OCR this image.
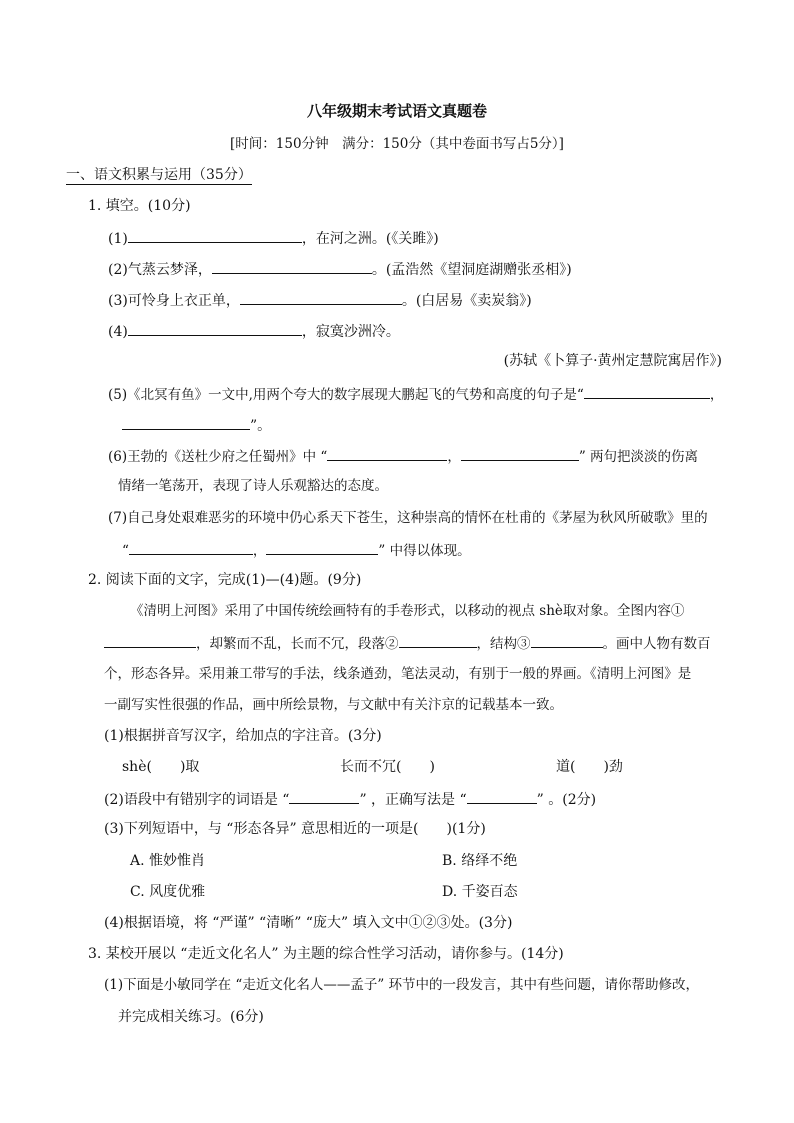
八年级期末考试语文真题卷
[时间：150分钟　满分：150分（其中卷面书写占5分）]
一、语文积累与运用（35分）
1. 填空。(10分)
(1)	，在河之洲。(《关雎》)
(2)气蒸云梦泽，	。(孟浩然《望洞庭湖赠张丞相》)
(3)可怜身上衣正单，	。(白居易《卖炭翁》)
(4)	，寂寞沙洲冷。
(苏轼《卜算子·黄州定慧院寓居作》)
(5)《北冥有鱼》一文中,用两个夸大的数字展现大鹏起飞的气势和高度的句子是“	，
”。
(6)王勃的《送杜少府之任蜀州》中 “	，	” 两句把淡淡的伤离
情绪一笔荡开，表现了诗人乐观豁达的态度。
(7)自己身处艰难恶劣的环境中仍心系天下苍生，这种崇高的情怀在杜甫的《茅屋为秋风所破歌》里的
“	，	” 中得以体现。
2. 阅读下面的文字，完成(1)—(4)题。(9分)
《清明上河图》采用了中国传统绘画特有的手卷形式，以移动的视点 shè取对象。全图内容①
，却繁而不乱，长而不冗，段落②	，结构③	。画中人物有数百
个，形态各异。采用兼工带写的手法，线条遒劲，笔法灵动，有别于一般的界画。《清明上河图》是
一副写实性很强的作品，画中所绘景物，与文献中有关汴京的记载基本一致。
(1)根据拼音写汉字，给加点的字注音。(3分)
shè(　　)取	长而不冗(　　)	道(　　)劲
(2)语段中有错别字的词语是 “	” ，正确写法是 “	” 。(2分)
(3)下列短语中，与 “形态各异” 意思相近的一项是(　　)(1分)
A. 惟妙惟肖	B. 络绎不绝
C. 风度优雅	D. 千姿百态
(4)根据语境，将 “严谨” “清晰” “庞大” 填入文中①②③处。(3分)
3. 某校开展以 “走近文化名人” 为主题的综合性学习活动，请你参与。(14分)
(1)下面是小敏同学在 “走近文化名人——孟子” 环节中的一段发言，其中有些问题，请你帮助修改，
并完成相关练习。(6分)
